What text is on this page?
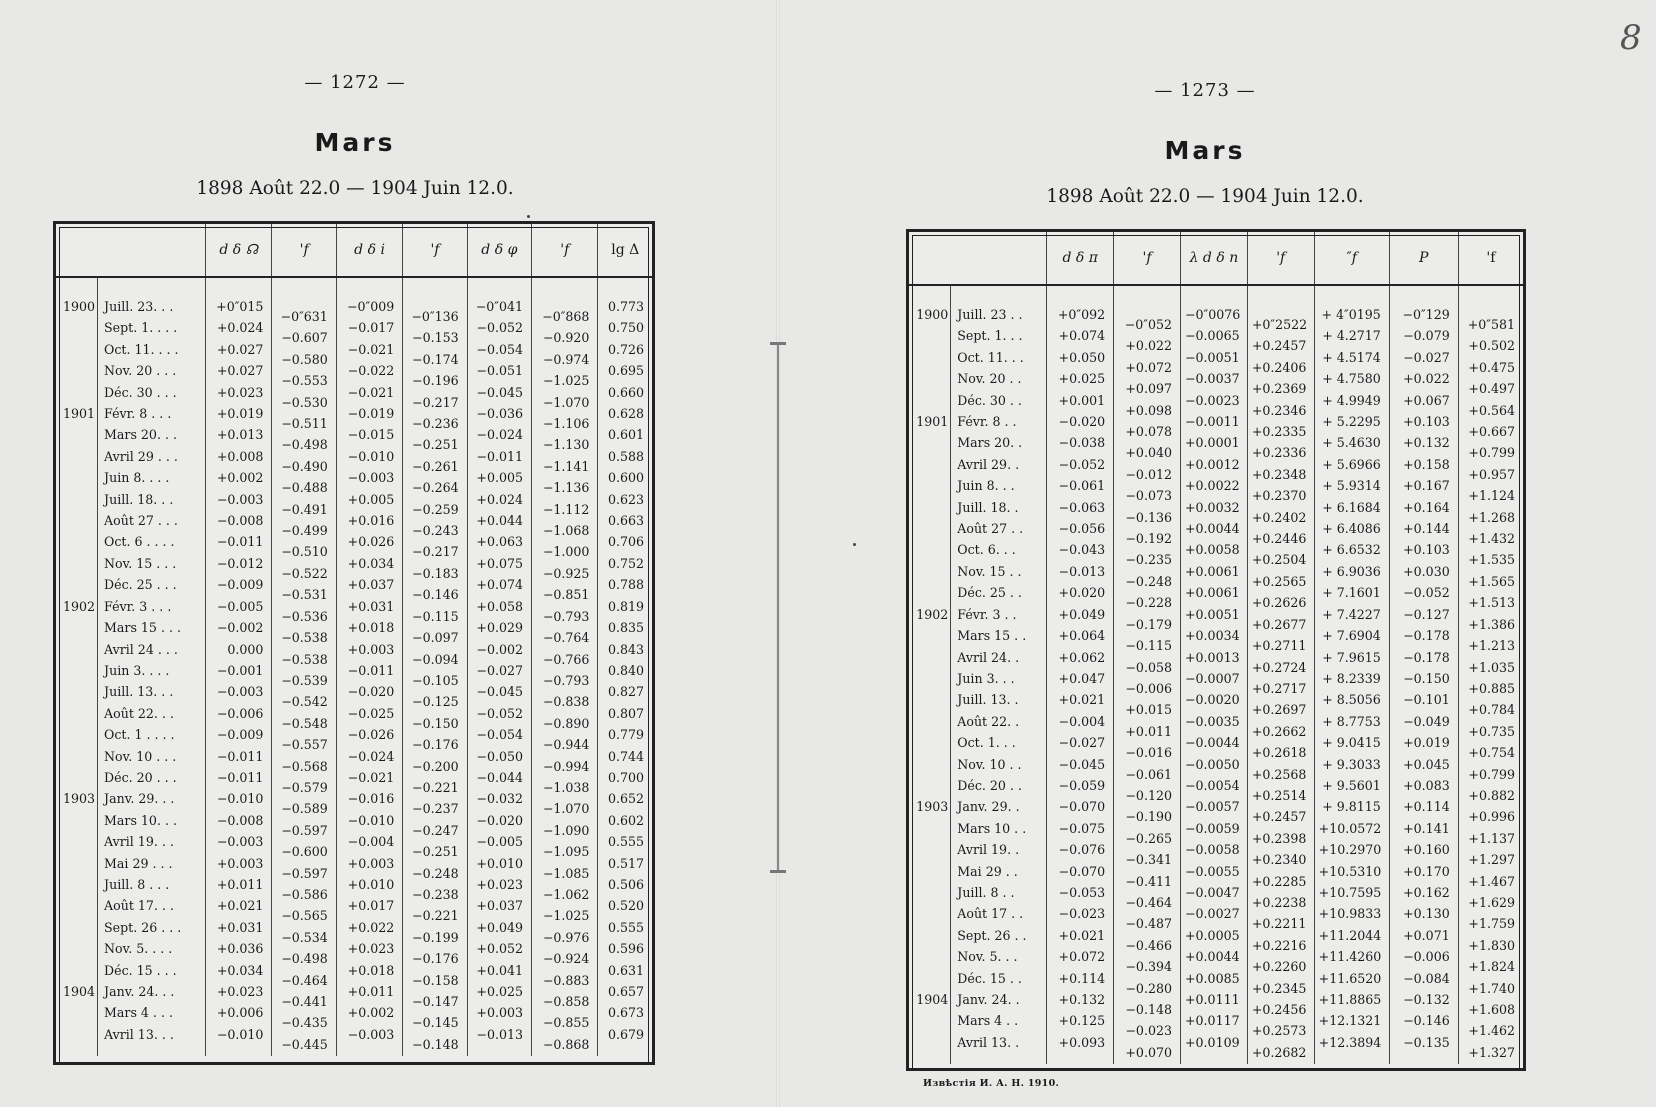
— 1272 —
Mars
1898 Août 22.0 — 1904 Juin 12.0.
		d δ ☊	'f	d δ i	'f	d δ φ	'f	lg Δ
1900	Juill. 23. . .	+0″015	−0″631	−0″009	−0″136	−0″041	−0″868	0.773
	Sept. 1. . . .	+0.024	−0.607	−0.017	−0.153	−0.052	−0.920	0.750
	Oct. 11. . . .	+0.027	−0.580	−0.021	−0.174	−0.054	−0.974	0.726
	Nov. 20 . . .	+0.027	−0.553	−0.022	−0.196	−0.051	−1.025	0.695
	Déc. 30 . . .	+0.023	−0.530	−0.021	−0.217	−0.045	−1.070	0.660
1901	Févr. 8 . . .	+0.019	−0.511	−0.019	−0.236	−0.036	−1.106	0.628
	Mars 20. . .	+0.013	−0.498	−0.015	−0.251	−0.024	−1.130	0.601
	Avril 29 . . .	+0.008	−0.490	−0.010	−0.261	−0.011	−1.141	0.588
	Juin 8. . . .	+0.002	−0.488	−0.003	−0.264	+0.005	−1.136	0.600
	Juill. 18. . .	−0.003	−0.491	+0.005	−0.259	+0.024	−1.112	0.623
	Août 27 . . .	−0.008	−0.499	+0.016	−0.243	+0.044	−1.068	0.663
	Oct. 6 . . . .	−0.011	−0.510	+0.026	−0.217	+0.063	−1.000	0.706
	Nov. 15 . . .	−0.012	−0.522	+0.034	−0.183	+0.075	−0.925	0.752
	Déc. 25 . . .	−0.009	−0.531	+0.037	−0.146	+0.074	−0.851	0.788
1902	Févr. 3 . . .	−0.005	−0.536	+0.031	−0.115	+0.058	−0.793	0.819
	Mars 15 . . .	−0.002	−0.538	+0.018	−0.097	+0.029	−0.764	0.835
	Avril 24 . . .	0.000	−0.538	+0.003	−0.094	−0.002	−0.766	0.843
	Juin 3. . . .	−0.001	−0.539	−0.011	−0.105	−0.027	−0.793	0.840
	Juill. 13. . .	−0.003	−0.542	−0.020	−0.125	−0.045	−0.838	0.827
	Août 22. . .	−0.006	−0.548	−0.025	−0.150	−0.052	−0.890	0.807
	Oct. 1 . . . .	−0.009	−0.557	−0.026	−0.176	−0.054	−0.944	0.779
	Nov. 10 . . .	−0.011	−0.568	−0.024	−0.200	−0.050	−0.994	0.744
	Déc. 20 . . .	−0.011	−0.579	−0.021	−0.221	−0.044	−1.038	0.700
1903	Janv. 29. . .	−0.010	−0.589	−0.016	−0.237	−0.032	−1.070	0.652
	Mars 10. . .	−0.008	−0.597	−0.010	−0.247	−0.020	−1.090	0.602
	Avril 19. . .	−0.003	−0.600	−0.004	−0.251	−0.005	−1.095	0.555
	Mai 29 . . .	+0.003	−0.597	+0.003	−0.248	+0.010	−1.085	0.517
	Juill. 8 . . .	+0.011	−0.586	+0.010	−0.238	+0.023	−1.062	0.506
	Août 17. . .	+0.021	−0.565	+0.017	−0.221	+0.037	−1.025	0.520
	Sept. 26 . . .	+0.031	−0.534	+0.022	−0.199	+0.049	−0.976	0.555
	Nov. 5. . . .	+0.036	−0.498	+0.023	−0.176	+0.052	−0.924	0.596
	Déc. 15 . . .	+0.034	−0.464	+0.018	−0.158	+0.041	−0.883	0.631
1904	Janv. 24. . .	+0.023	−0.441	+0.011	−0.147	+0.025	−0.858	0.657
	Mars 4 . . .	+0.006	−0.435	+0.002	−0.145	+0.003	−0.855	0.673
	Avril 13. . .	−0.010	−0.445	−0.003	−0.148	−0.013	−0.868	0.679
— 1273 —
Mars
1898 Août 22.0 — 1904 Juin 12.0.
		d δ π	'f	λ d δ n	'f	″f	P	'f
1900	Juill. 23 . .	+0″092	−0″052	−0″0076	+0″2522	+ 4″0195	−0″129	+0″581
	Sept. 1. . .	+0.074	+0.022	−0.0065	+0.2457	+ 4.2717	−0.079	+0.502
	Oct. 11. . .	+0.050	+0.072	−0.0051	+0.2406	+ 4.5174	−0.027	+0.475
	Nov. 20 . .	+0.025	+0.097	−0.0037	+0.2369	+ 4.7580	+0.022	+0.497
	Déc. 30 . .	+0.001	+0.098	−0.0023	+0.2346	+ 4.9949	+0.067	+0.564
1901	Févr. 8 . .	−0.020	+0.078	−0.0011	+0.2335	+ 5.2295	+0.103	+0.667
	Mars 20. .	−0.038	+0.040	+0.0001	+0.2336	+ 5.4630	+0.132	+0.799
	Avril 29. .	−0.052	−0.012	+0.0012	+0.2348	+ 5.6966	+0.158	+0.957
	Juin 8. . .	−0.061	−0.073	+0.0022	+0.2370	+ 5.9314	+0.167	+1.124
	Juill. 18. .	−0.063	−0.136	+0.0032	+0.2402	+ 6.1684	+0.164	+1.268
	Août 27 . .	−0.056	−0.192	+0.0044	+0.2446	+ 6.4086	+0.144	+1.432
	Oct. 6. . .	−0.043	−0.235	+0.0058	+0.2504	+ 6.6532	+0.103	+1.535
	Nov. 15 . .	−0.013	−0.248	+0.0061	+0.2565	+ 6.9036	+0.030	+1.565
	Déc. 25 . .	+0.020	−0.228	+0.0061	+0.2626	+ 7.1601	−0.052	+1.513
1902	Févr. 3 . .	+0.049	−0.179	+0.0051	+0.2677	+ 7.4227	−0.127	+1.386
	Mars 15 . .	+0.064	−0.115	+0.0034	+0.2711	+ 7.6904	−0.178	+1.213
	Avril 24. .	+0.062	−0.058	+0.0013	+0.2724	+ 7.9615	−0.178	+1.035
	Juin 3. . .	+0.047	−0.006	−0.0007	+0.2717	+ 8.2339	−0.150	+0.885
	Juill. 13. .	+0.021	+0.015	−0.0020	+0.2697	+ 8.5056	−0.101	+0.784
	Août 22. .	−0.004	+0.011	−0.0035	+0.2662	+ 8.7753	−0.049	+0.735
	Oct. 1. . .	−0.027	−0.016	−0.0044	+0.2618	+ 9.0415	+0.019	+0.754
	Nov. 10 . .	−0.045	−0.061	−0.0050	+0.2568	+ 9.3033	+0.045	+0.799
	Déc. 20 . .	−0.059	−0.120	−0.0054	+0.2514	+ 9.5601	+0.083	+0.882
1903	Janv. 29. .	−0.070	−0.190	−0.0057	+0.2457	+ 9.8115	+0.114	+0.996
	Mars 10 . .	−0.075	−0.265	−0.0059	+0.2398	+10.0572	+0.141	+1.137
	Avril 19. .	−0.076	−0.341	−0.0058	+0.2340	+10.2970	+0.160	+1.297
	Mai 29 . .	−0.070	−0.411	−0.0055	+0.2285	+10.5310	+0.170	+1.467
	Juill. 8 . .	−0.053	−0.464	−0.0047	+0.2238	+10.7595	+0.162	+1.629
	Août 17 . .	−0.023	−0.487	−0.0027	+0.2211	+10.9833	+0.130	+1.759
	Sept. 26 . .	+0.021	−0.466	+0.0005	+0.2216	+11.2044	+0.071	+1.830
	Nov. 5. . .	+0.072	−0.394	+0.0044	+0.2260	+11.4260	−0.006	+1.824
	Déc. 15 . .	+0.114	−0.280	+0.0085	+0.2345	+11.6520	−0.084	+1.740
1904	Janv. 24. .	+0.132	−0.148	+0.0111	+0.2456	+11.8865	−0.132	+1.608
	Mars 4 . .	+0.125	−0.023	+0.0117	+0.2573	+12.1321	−0.146	+1.462
	Avril 13. .	+0.093	+0.070	+0.0109	+0.2682	+12.3894	−0.135	+1.327
Извѣстія И. А. Н. 1910.
8
